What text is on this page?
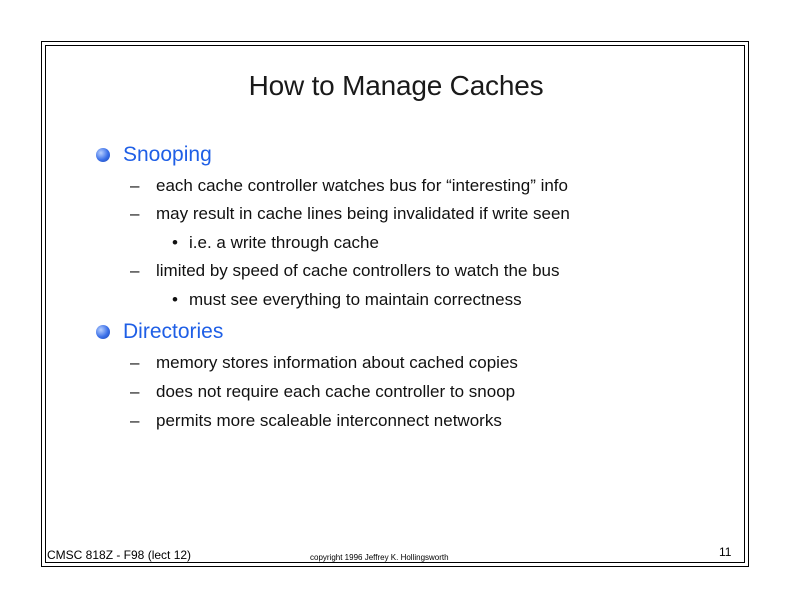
How to Manage Caches
Snooping
– each cache controller watches bus for “interesting” info
– may result in cache lines being invalidated if write seen
• i.e. a write through cache
– limited by speed of cache controllers to watch the bus
• must see everything to maintain correctness
Directories
– memory stores information about cached copies
– does not require each cache controller to snoop
– permits more scaleable interconnect networks
CMSC 818Z - F98 (lect 12)	copyright 1996 Jeffrey K. Hollingsworth	11
